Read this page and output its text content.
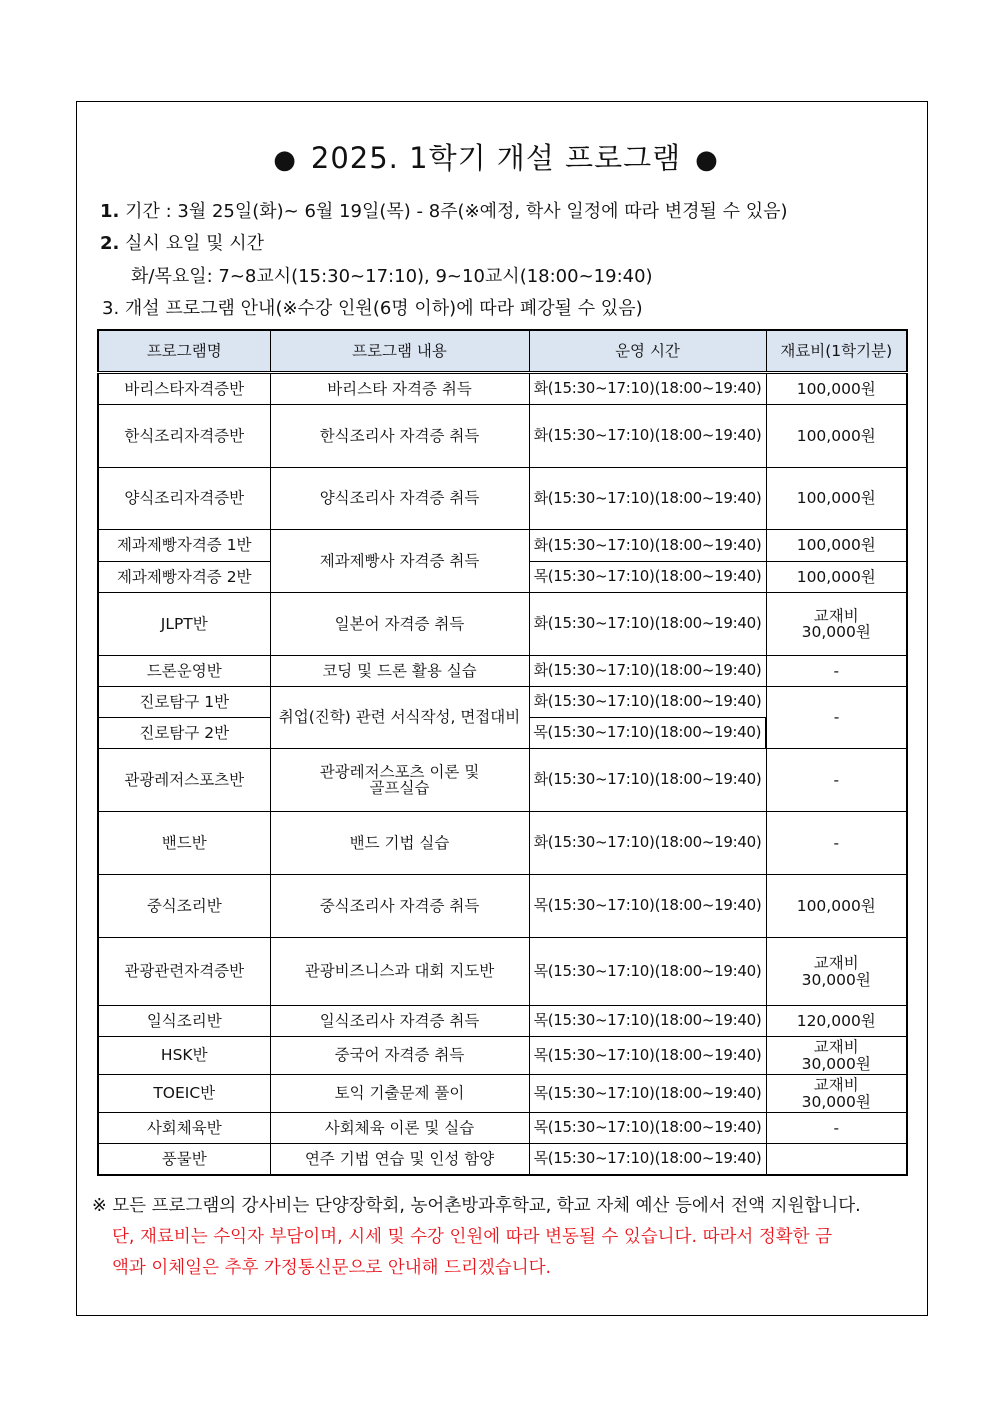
● 2025. 1학기 개설 프로그램 ●
1. 기간 : 3월 25일(화)~ 6월 19일(목) - 8주(※예정, 학사 일정에 따라 변경될 수 있음)
2. 실시 요일 및 시간
화/목요일: 7~8교시(15:30~17:10), 9~10교시(18:00~19:40)
3. 개설 프로그램 안내(※수강 인원(6명 이하)에 따라 폐강될 수 있음)
프로그램명	프로그램 내용	운영 시간	재료비(1학기분)
바리스타자격증반	바리스타 자격증 취득	화(15:30~17:10)(18:00~19:40)	100,000원
한식조리자격증반	한식조리사 자격증 취득	화(15:30~17:10)(18:00~19:40)	100,000원
양식조리자격증반	양식조리사 자격증 취득	화(15:30~17:10)(18:00~19:40)	100,000원
제과제빵자격증 1반	제과제빵사 자격증 취득	화(15:30~17:10)(18:00~19:40)	100,000원
제과제빵자격증 2반		목(15:30~17:10)(18:00~19:40)	100,000원
JLPT반	일본어 자격증 취득	화(15:30~17:10)(18:00~19:40)	교재비
30,000원
드론운영반	코딩 및 드론 활용 실습	화(15:30~17:10)(18:00~19:40)	-
진로탐구 1반	취업(진학) 관련 서식작성, 면접대비	화(15:30~17:10)(18:00~19:40)	-
진로탐구 2반		목(15:30~17:10)(18:00~19:40)	
관광레저스포츠반	관광레저스포츠 이론 및
골프실습	화(15:30~17:10)(18:00~19:40)	-
밴드반	밴드 기법 실습	화(15:30~17:10)(18:00~19:40)	-
중식조리반	중식조리사 자격증 취득	목(15:30~17:10)(18:00~19:40)	100,000원
관광관련자격증반	관광비즈니스과 대회 지도반	목(15:30~17:10)(18:00~19:40)	교재비
30,000원
일식조리반	일식조리사 자격증 취득	목(15:30~17:10)(18:00~19:40)	120,000원
HSK반	중국어 자격증 취득	목(15:30~17:10)(18:00~19:40)	교재비
30,000원
TOEIC반	토익 기출문제 풀이	목(15:30~17:10)(18:00~19:40)	교재비
30,000원
사회체육반	사회체육 이론 및 실습	목(15:30~17:10)(18:00~19:40)	-
풍물반	연주 기법 연습 및 인성 함양	목(15:30~17:10)(18:00~19:40)	
※ 모든 프로그램의 강사비는 단양장학회, 농어촌방과후학교, 학교 자체 예산 등에서 전액 지원합니다.
단, 재료비는 수익자 부담이며, 시세 및 수강 인원에 따라 변동될 수 있습니다. 따라서 정확한 금
액과 이체일은 추후 가정통신문으로 안내해 드리겠습니다.
